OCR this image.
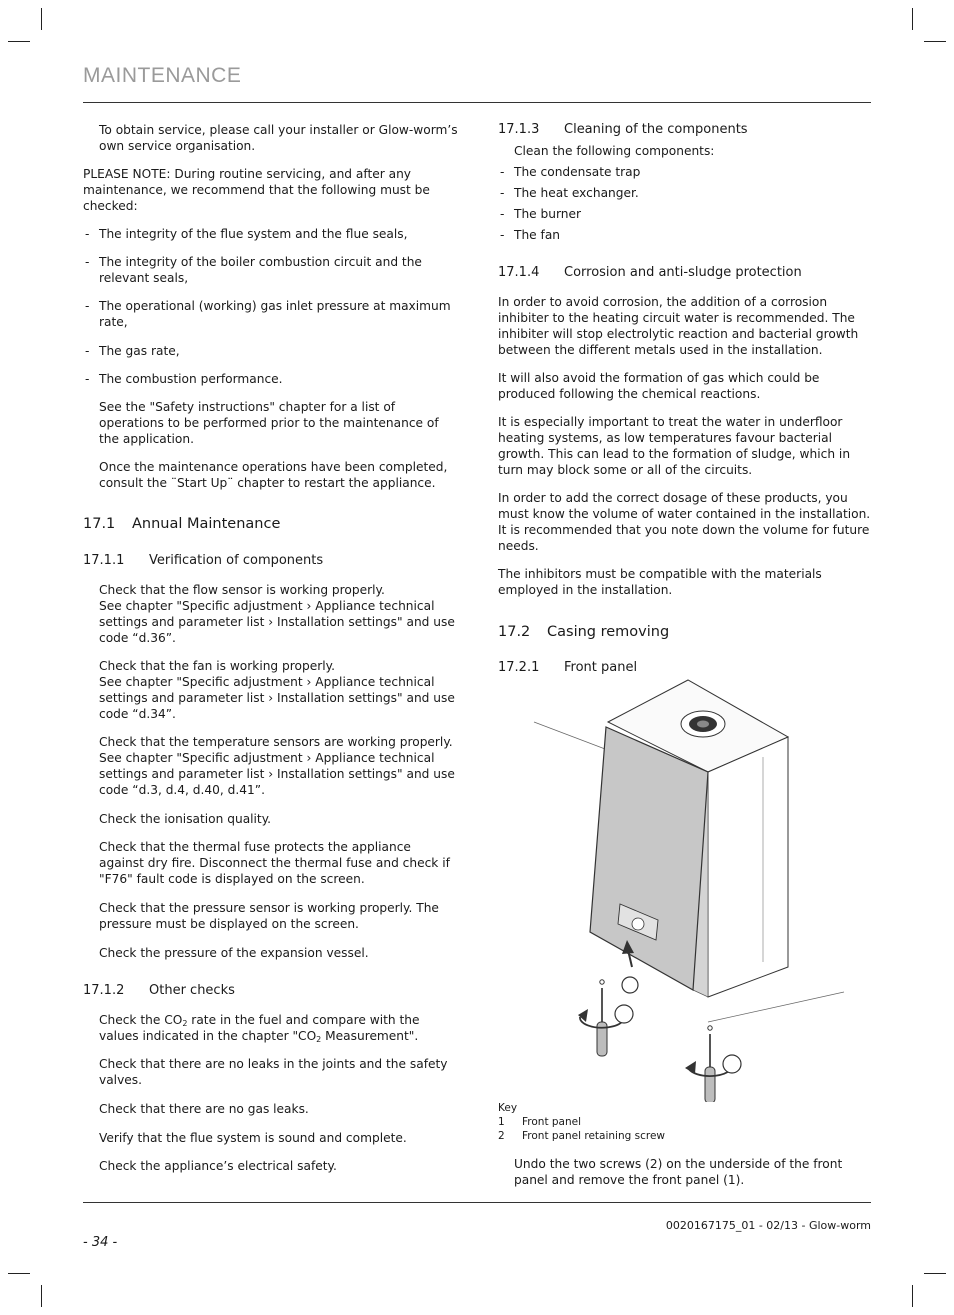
MAINTENANCE

To obtain service, please call your installer or Glow-worm’s own service organisation.

PLEASE NOTE: During routine servicing, and after any maintenance, we recommend that the following must be checked:

- The integrity of the flue system and the flue seals,

- The integrity of the boiler combustion circuit and the relevant seals,

- The operational (working) gas inlet pressure at maximum rate,

- The gas rate,

- The combustion performance.

See the "Safety instructions" chapter for a list of operations to be performed prior to the maintenance of the application.

Once the maintenance operations have been completed, consult the ¨Start Up¨ chapter to restart the appliance.

17.1	Annual Maintenance
17.1.1	Verification of components

Check that the flow sensor is working properly.
See chapter "Specific adjustment › Appliance technical settings and parameter list › Installation settings" and use code “d.36”.

Check that the fan is working properly.
See chapter "Specific adjustment › Appliance technical settings and parameter list › Installation settings" and use code “d.34”.

Check that the temperature sensors are working properly.
See chapter "Specific adjustment › Appliance technical settings and parameter list › Installation settings" and use code “d.3, d.4, d.40, d.41”.

Check the ionisation quality.

Check that the thermal fuse protects the appliance against dry fire. Disconnect the thermal fuse and check if "F76" fault code is displayed on the screen.

Check that the pressure sensor is working properly. The pressure must be displayed on the screen.

Check the pressure of the expansion vessel.

17.1.2	Other checks

Check the $CO_2$ rate in the fuel and compare with the values indicated in the chapter "$CO_2$ Measurement".

Check that there are no leaks in the joints and the safety valves.

Check that there are no gas leaks.

Verify that the flue system is sound and complete.

Check the appliance’s electrical safety.

17.1.3	Cleaning of the components

Clean the following components:

- The condensate trap

- The heat exchanger.

- The burner

- The fan

17.1.4	Corrosion and anti-sludge protection

In order to avoid corrosion, the addition of a corrosion inhibiter to the heating circuit water is recommended. The inhibiter will stop electrolytic reaction and bacterial growth between the different metals used in the installation.

It will also avoid the formation of gas which could be produced following the chemical reactions.

It is especially important to treat the water in underfloor heating systems, as low temperatures favour bacterial growth. This can lead to the formation of sludge, which in turn may block some or all of the circuits.

In order to add the correct dosage of these products, you must know the volume of water contained in the installation. It is recommended that you note down the volume for future needs.

The inhibitors must be compatible with the materials employed in the installation.

17.2	Casing removing
17.2.1	Front panel
Key
1	Front panel
2	Front panel retaining screw

Undo the two screws (2) on the underside of the front panel and remove the front panel (1).

0020167175_01 - 02/13 - Glow-worm
- 34 -
